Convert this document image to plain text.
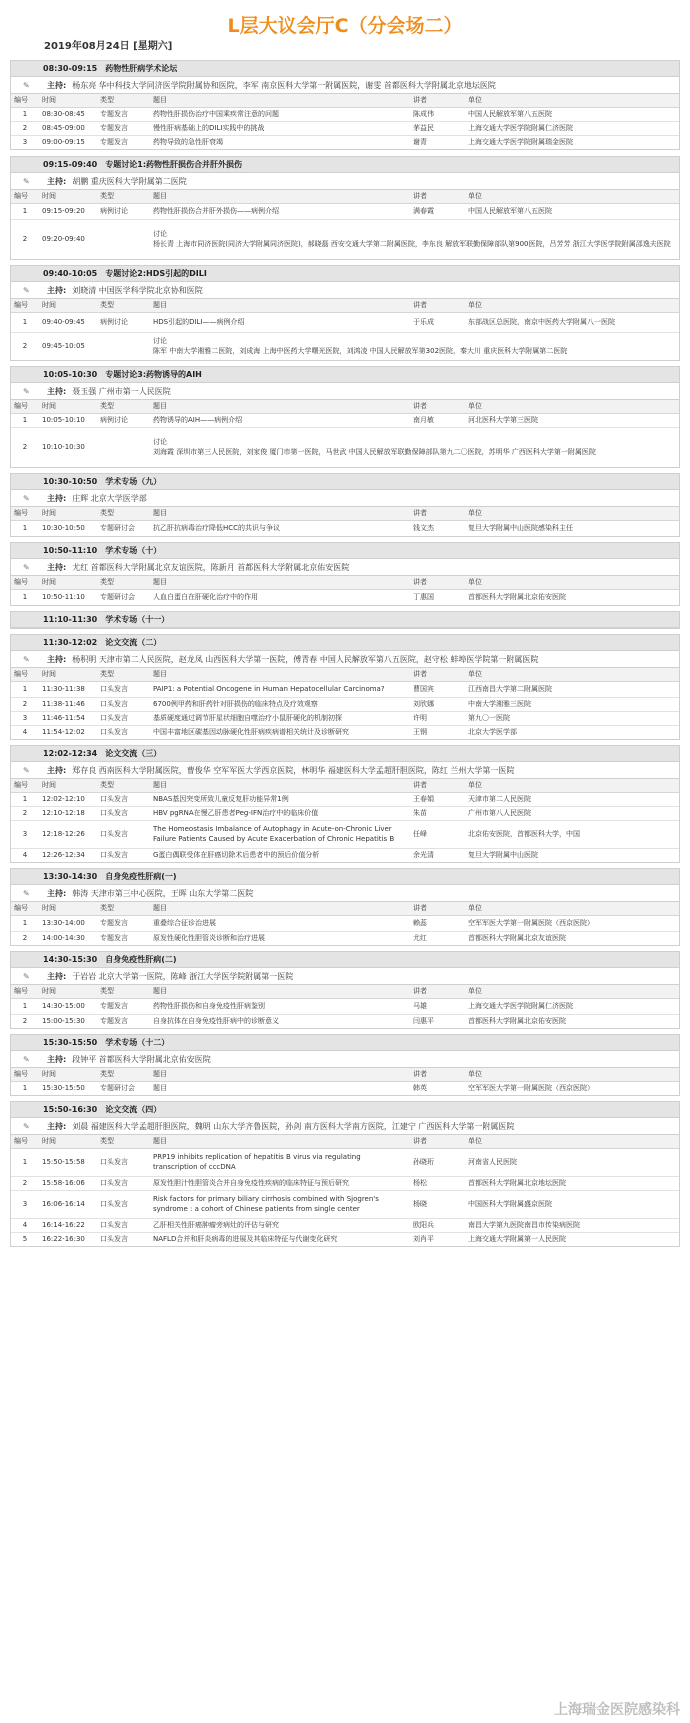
L层大议会厅C（分会场二）
2019年08月24日 [星期六]
08:30-09:15 药物性肝病学术论坛
✎	主持: 杨东亮 华中科技大学同济医学院附属协和医院，李军 南京医科大学第一附属医院，谢雯 首都医科大学附属北京地坛医院
编号	时间	类型	题目	讲者	单位
1	08:30-08:45	专题发言	药物性肝损伤治疗中国乘疾常注意的问题	陈成伟	中国人民解放军第八五医院
2	08:45-09:00	专题发言	慢性肝病基础上的DILI实践中的挑战	茅益民	上海交通大学医学院附属仁济医院
3	09:00-09:15	专题发言	药物导致的急性肝衰竭	谢青	上海交通大学医学院附属瑞金医院
09:15-09:40 专题讨论1:药物性肝损伤合并肝外损伤
✎	主持: 胡鹏 重庆医科大学附属第二医院
编号	时间	类型	题目	讲者	单位
1	09:15-09:20	病例讨论	药物性肝损伤合并肝外损伤——病例介绍	满春霞	中国人民解放军第八五医院
2	09:20-09:40		讨论
杨长青 上海市同济医院(同济大学附属同济医院)，郝晓磊 西安交通大学第二附属医院，李东良 解放军联勤保障部队第900医院，吕芳芳 浙江大学医学院附属邵逸夫医院		
09:40-10:05 专题讨论2:HDS引起的DILI
✎	主持: 刘晓清 中国医学科学院北京协和医院
编号	时间	类型	题目	讲者	单位
1	09:40-09:45	病例讨论	HDS引起的DILI——病例介绍	于乐成	东部战区总医院，南京中医药大学附属八一医院
2	09:45-10:05		讨论
陈军 中南大学湘雅二医院，刘成海 上海中医药大学曙光医院，刘鸿凌 中国人民解放军第302医院，秦大川 重庆医科大学附属第二医院		
10:05-10:30 专题讨论3:药物诱导的AIH
✎	主持: 聂玉强 广州市第一人民医院
编号	时间	类型	题目	讲者	单位
1	10:05-10:10	病例讨论	药物诱导的AIH——病例介绍	南月敏	河北医科大学第三医院
2	10:10-10:30		讨论
刘海霞 深圳市第三人民医院，刘家俊 厦门市第一医院，马世武 中国人民解放军联勤保障部队第九二〇医院，苏明华 广西医科大学第一附属医院		
10:30-10:50 学术专场（九）
✎	主持: 庄辉 北京大学医学部
编号	时间	类型	题目	讲者	单位
1	10:30-10:50	专题研讨会	抗乙肝抗病毒治疗降低HCC的共识与争议	钱文杰	复旦大学附属中山医院感染科主任
10:50-11:10 学术专场（十）
✎	主持: 尤红 首都医科大学附属北京友谊医院，陈新月 首都医科大学附属北京佑安医院
编号	时间	类型	题目	讲者	单位
1	10:50-11:10	专题研讨会	人血白蛋白在肝硬化治疗中的作用	丁惠国	首都医科大学附属北京佑安医院
11:10-11:30 学术专场（十一）
11:30-12:02 论文交流（二）
✎	主持: 杨积明 天津市第二人民医院，赵龙凤 山西医科大学第一医院，傅青春 中国人民解放军第八五医院，赵守松 蚌埠医学院第一附属医院
编号	时间	类型	题目	讲者	单位
1	11:30-11:38	口头发言	PAIP1: a Potential Oncogene in Human Hepatocellular Carcinoma?	曹国宾	江西南昌大学第二附属医院
2	11:38-11:46	口头发言	6700例甲药和肝药针对肝损伤的临床特点及疗效观察	刘欣娜	中南大学湘雅三医院
3	11:46-11:54	口头发言	基质硬度通过调节肝星状细胞自噬治疗小鼠肝硬化的机制初探	许明	第九〇一医院
4	11:54-12:02	口头发言	中国丰富地区碳基因动脉硬化性肝病疾病谱相关统计及诊断研究	王钢	北京大学医学部
12:02-12:34 论文交流（三）
✎	主持: 郑存良 西南医科大学附属医院，曹俊华 空军军医大学西京医院，林明华 福建医科大学孟超肝胆医院，陈红 兰州大学第一医院
编号	时间	类型	题目	讲者	单位
1	12:02-12:10	口头发言	NBAS基因突变所致儿童反复肝功能异常1例	王春娟	天津市第二人民医院
2	12:10-12:18	口头发言	HBV pgRNA在慢乙肝患者Peg-IFN治疗中的临床价值	朱苗	广州市第八人民医院
3	12:18-12:26	口头发言	The Homeostasis Imbalance of Autophagy in Acute-on-Chronic Liver Failure Patients Caused by Acute Exacerbation of Chronic Hepatitis B	任峰	北京佑安医院，首都医科大学，中国
4	12:26-12:34	口头发言	G蛋白偶联受体在肝癌切除术后患者中的预后价值分析	余光清	复旦大学附属中山医院
13:30-14:30 自身免疫性肝病(一)
✎	主持: 韩涛 天津市第三中心医院，王晖 山东大学第二医院
编号	时间	类型	题目	讲者	单位
1	13:30-14:00	专题发言	重叠综合征诊治进展	赖蕊	空军军医大学第一附属医院（西京医院）
2	14:00-14:30	专题发言	原发性硬化性胆管炎诊断和治疗进展	尤红	首都医科大学附属北京友谊医院
14:30-15:30 自身免疫性肝病(二)
✎	主持: 于岩岩 北京大学第一医院，陈峰 浙江大学医学院附属第一医院
编号	时间	类型	题目	讲者	单位
1	14:30-15:00	专题发言	药物性肝损伤和自身免疫性肝病鉴别	马雄	上海交通大学医学院附属仁济医院
2	15:00-15:30	专题发言	自身抗体在自身免疫性肝病中的诊断意义	闫惠平	首都医科大学附属北京佑安医院
15:30-15:50 学术专场（十二）
✎	主持: 段钟平 首都医科大学附属北京佑安医院
编号	时间	类型	题目	讲者	单位
1	15:30-15:50	专题研讨会	题目	韩英	空军军医大学第一附属医院（西京医院）
15:50-16:30 论文交流（四）
✎	主持: 刘晨 福建医科大学孟超肝胆医院，魏明 山东大学齐鲁医院，孙剑 南方医科大学南方医院，江建宁 广西医科大学第一附属医院
编号	时间	类型	题目	讲者	单位
1	15:50-15:58	口头发言	PRP19 inhibits replication of hepatitis B virus via regulating transcription of cccDNA	孙晓珩	河南省人民医院
2	15:58-16:06	口头发言	原发性胆汁性胆管炎合并自身免疫性疾病的临床特征与预后研究	杨松	首都医科大学附属北京地坛医院
3	16:06-16:14	口头发言	Risk factors for primary biliary cirrhosis combined with Sjogren's syndrome : a cohort of Chinese patients from single center	杨晓	中国医科大学附属盛京医院
4	16:14-16:22	口头发言	乙肝相关性肝癌肿瘤旁病灶的评估与研究	欧阳兵	南昌大学第九医院南昌市传染病医院
5	16:22-16:30	口头发言	NAFLD合并和肝炎病毒的进展及其临床特征与代谢变化研究	刘肖平	上海交通大学附属第一人民医院
上海瑞金医院感染科
